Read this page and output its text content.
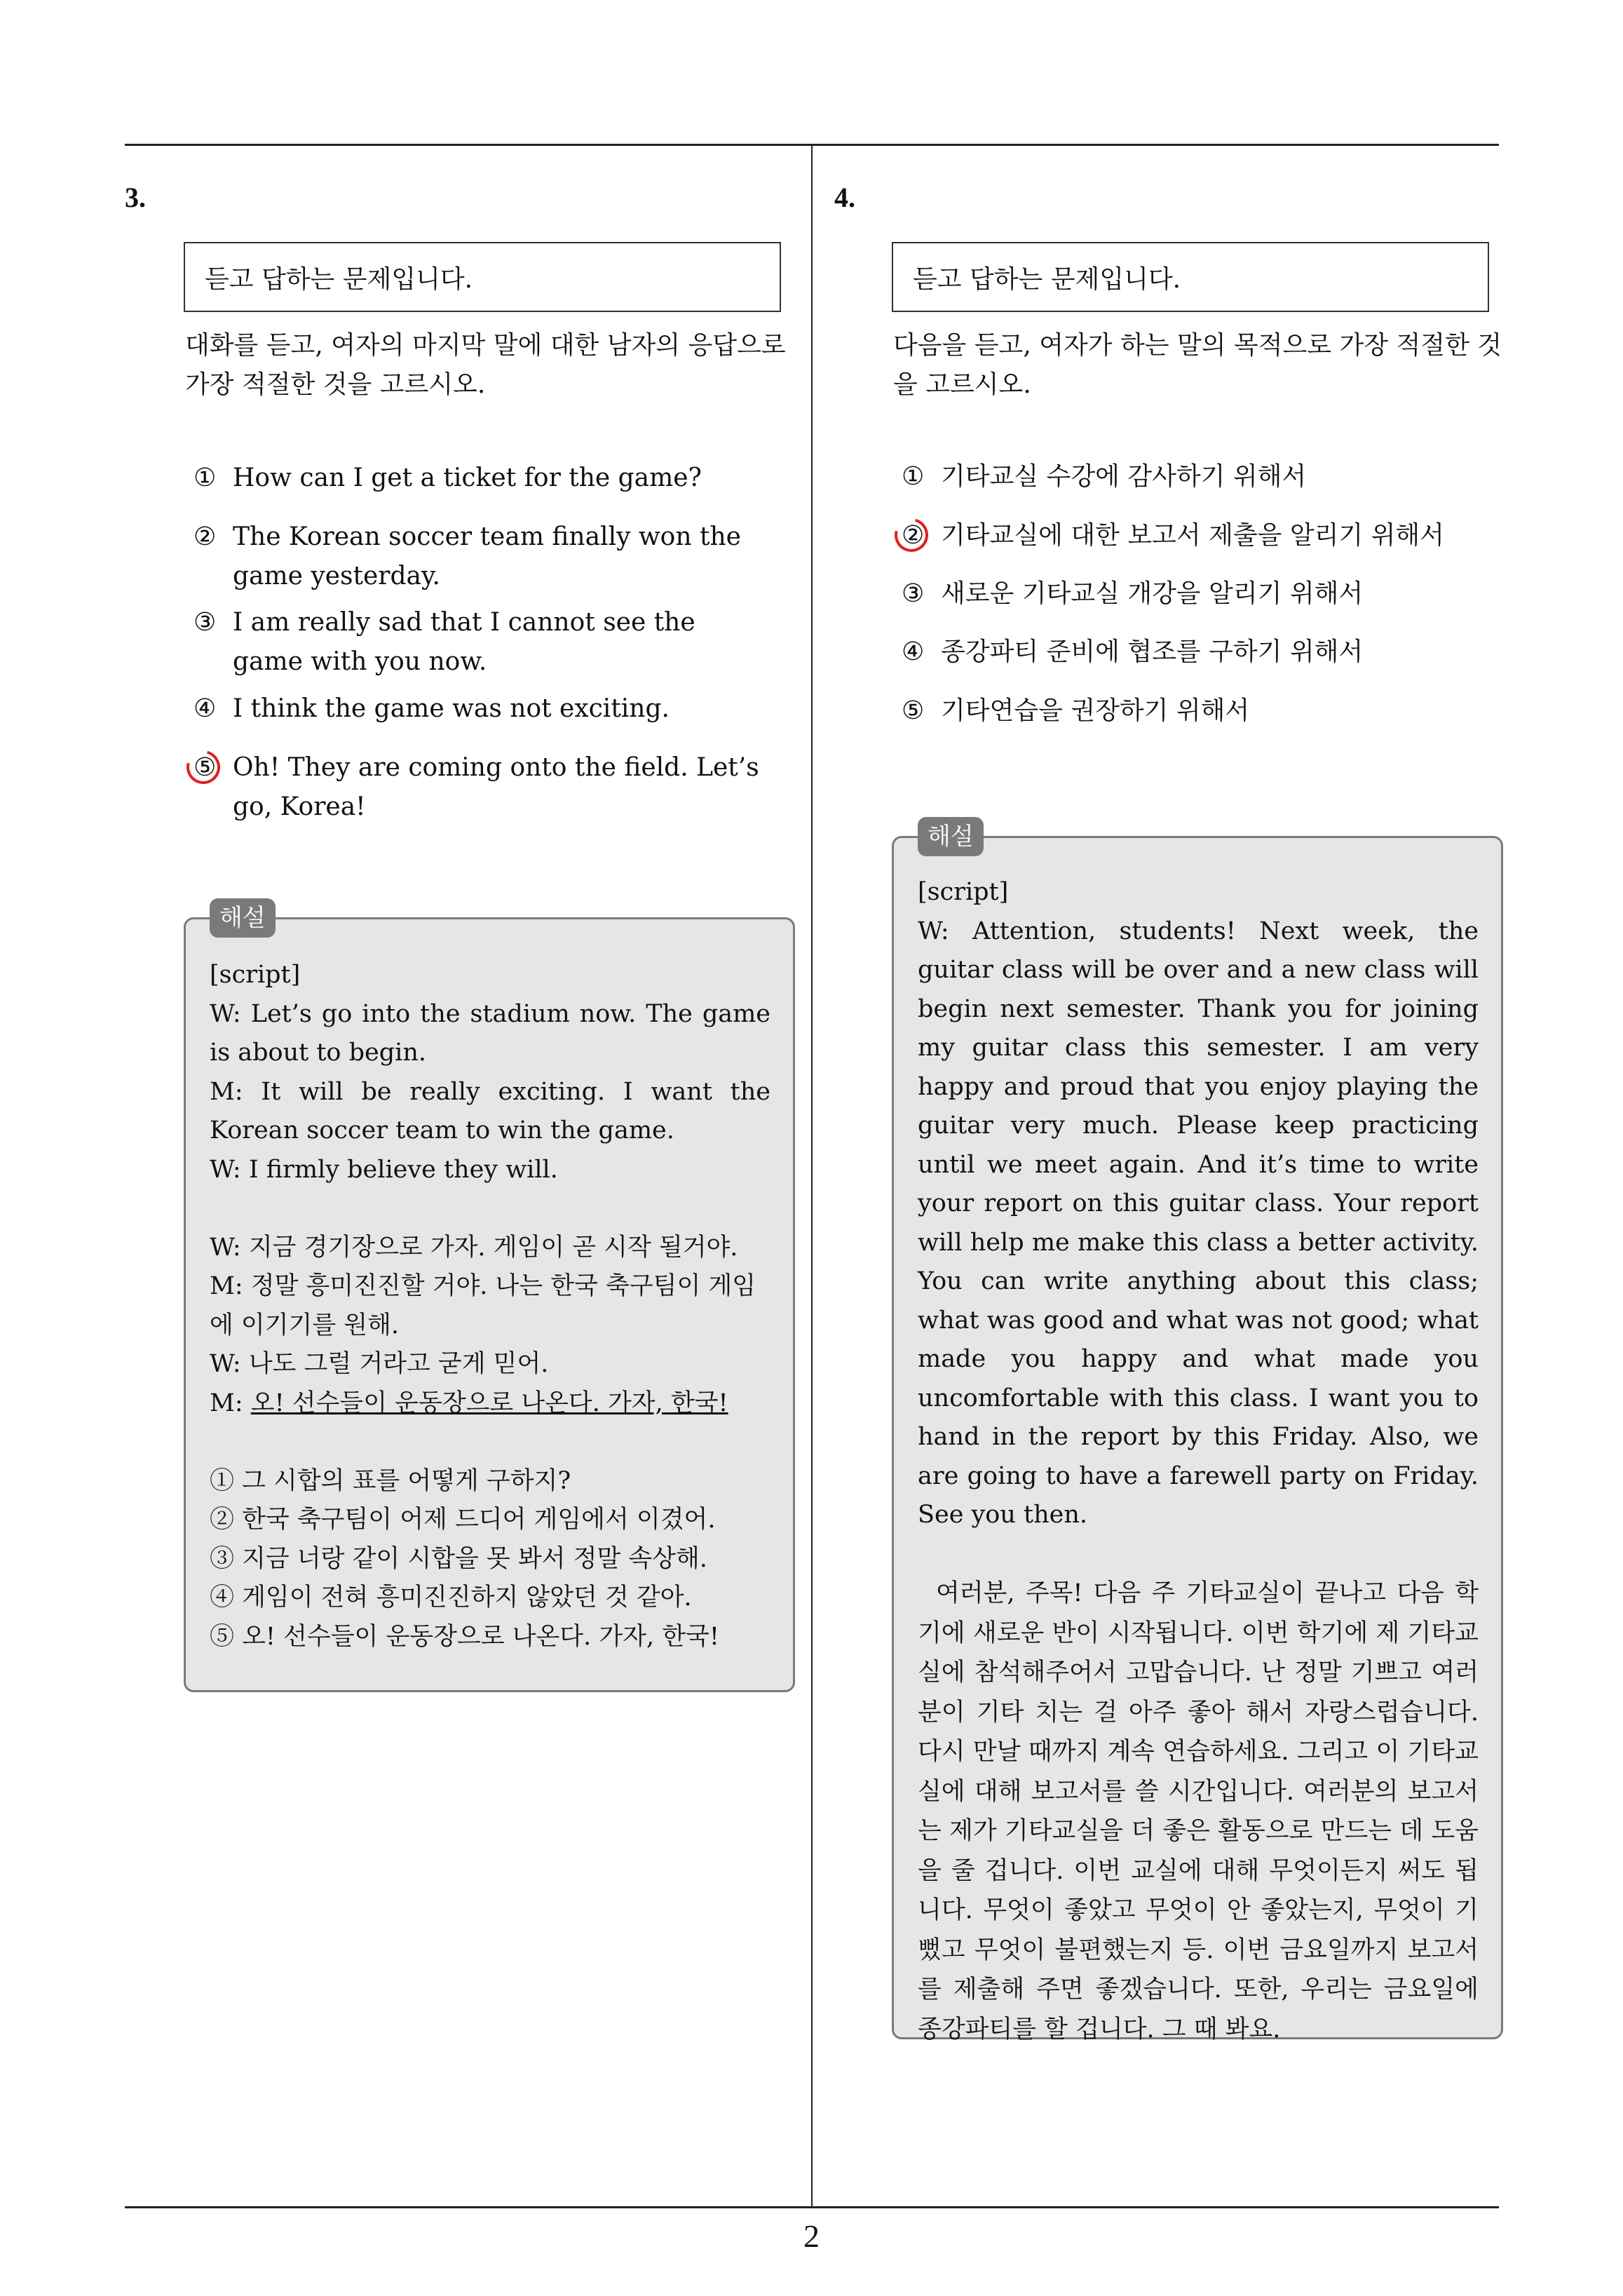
3.
듣고 답하는 문제입니다.
대화를 듣고, 여자의 마지막 말에 대한 남자의 응답으로 가장 적절한 것을 고르시오.
① How can I get a ticket for the game?
② The Korean soccer team finally won the game yesterday.
③ I am really sad that I cannot see the game with you now.
④ I think the game was not exciting.
⑤ Oh! They are coming onto the field. Let’s go, Korea!
해설

[script]

W: Let’s go into the stadium now. The game is about to begin.

M: It will be really exciting. I want the Korean soccer team to win the game.

W: I firmly believe they will.

W: 지금 경기장으로 가자. 게임이 곧 시작 될거야.

M: 정말 흥미진진할 거야. 나는 한국 축구팀이 게임에 이기기를 원해.

W: 나도 그럴 거라고 굳게 믿어.

M: 오! 선수들이 운동장으로 나온다. 가자, 한국!

① 그 시합의 표를 어떻게 구하지?

② 한국 축구팀이 어제 드디어 게임에서 이겼어.

③ 지금 너랑 같이 시합을 못 봐서 정말 속상해.

④ 게임이 전혀 흥미진진하지 않았던 것 같아.

⑤ 오! 선수들이 운동장으로 나온다. 가자, 한국!

4.
듣고 답하는 문제입니다.
다음을 듣고, 여자가 하는 말의 목적으로 가장 적절한 것을 고르시오.
① 기타교실 수강에 감사하기 위해서
② 기타교실에 대한 보고서 제출을 알리기 위해서
③ 새로운 기타교실 개강을 알리기 위해서
④ 종강파티 준비에 협조를 구하기 위해서
⑤ 기타연습을 권장하기 위해서
해설

[script]

W: Attention, students! Next week, the guitar class will be over and a new class will begin next semester. Thank you for joining my guitar class this semester. I am very happy and proud that you enjoy playing the guitar very much. Please keep practicing until we meet again. And it’s time to write your report on this guitar class. Your report will help me make this class a better activity. You can write anything about this class; what was good and what was not good; what made you happy and what made you uncomfortable with this class. I want you to hand in the report by this Friday. Also, we are going to have a farewell party on Friday. See you then.

여러분, 주목! 다음 주 기타교실이 끝나고 다음 학기에 새로운 반이 시작됩니다. 이번 학기에 제 기타교실에 참석해주어서 고맙습니다. 난 정말 기쁘고 여러분이 기타 치는 걸 아주 좋아 해서 자랑스럽습니다. 다시 만날 때까지 계속 연습하세요. 그리고 이 기타교실에 대해 보고서를 쓸 시간입니다. 여러분의 보고서는 제가 기타교실을 더 좋은 활동으로 만드는 데 도움을 줄 겁니다. 이번 교실에 대해 무엇이든지 써도 됩니다. 무엇이 좋았고 무엇이 안 좋았는지, 무엇이 기뻤고 무엇이 불편했는지 등. 이번 금요일까지 보고서를 제출해 주면 좋겠습니다. 또한, 우리는 금요일에 종강파티를 할 겁니다. 그 때 봐요.

2
